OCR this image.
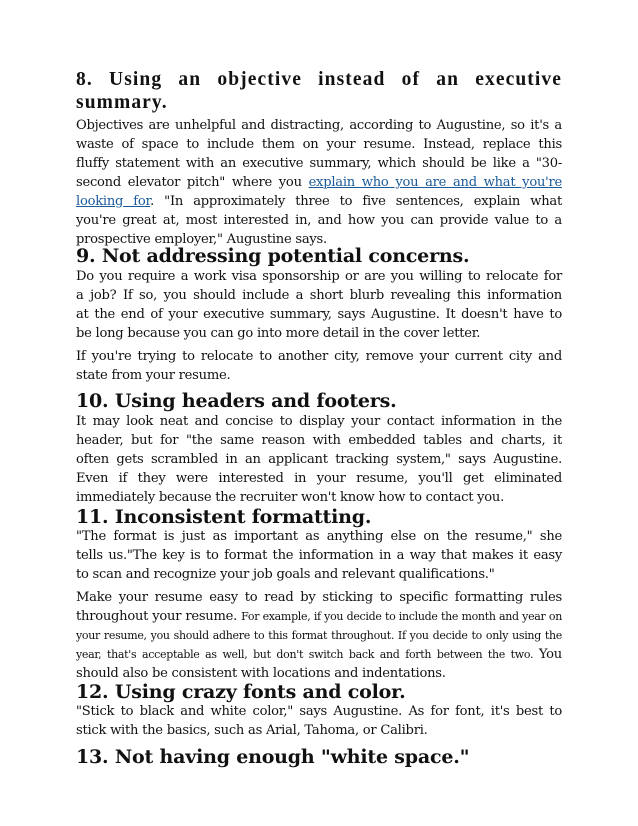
8. Using an objective instead of an executive
summary.

Objectives are unhelpful and distracting, according to Augustine, so it's a
waste of space to include them on your resume. Instead, replace this
fluffy statement with an executive summary, which should be like a "30-
second elevator pitch" where you explain who you are and what you're
looking for. "In approximately three to five sentences, explain what
you're great at, most interested in, and how you can provide value to a
prospective employer," Augustine says.

9. Not addressing potential concerns.

Do you require a work visa sponsorship or are you willing to relocate for
a job? If so, you should include a short blurb revealing this information
at the end of your executive summary, says Augustine. It doesn't have to
be long because you can go into more detail in the cover letter.

If you're trying to relocate to another city, remove your current city and
state from your resume.

10. Using headers and footers.

It may look neat and concise to display your contact information in the
header, but for "the same reason with embedded tables and charts, it
often gets scrambled in an applicant tracking system," says Augustine.
Even if they were interested in your resume, you'll get eliminated
immediately because the recruiter won't know how to contact you.

11. Inconsistent formatting.

"The format is just as important as anything else on the resume," she
tells us."The key is to format the information in a way that makes it easy
to scan and recognize your job goals and relevant qualifications."

Make your resume easy to read by sticking to specific formatting rules
throughout your resume. For example, if you decide to include the month and year on
your resume, you should adhere to this format throughout. If you decide to only using the
year, that's acceptable as well, but don't switch back and forth between the two. You
should also be consistent with locations and indentations.

12. Using crazy fonts and color.

"Stick to black and white color," says Augustine. As for font, it's best to
stick with the basics, such as Arial, Tahoma, or Calibri.

13. Not having enough "white space."
